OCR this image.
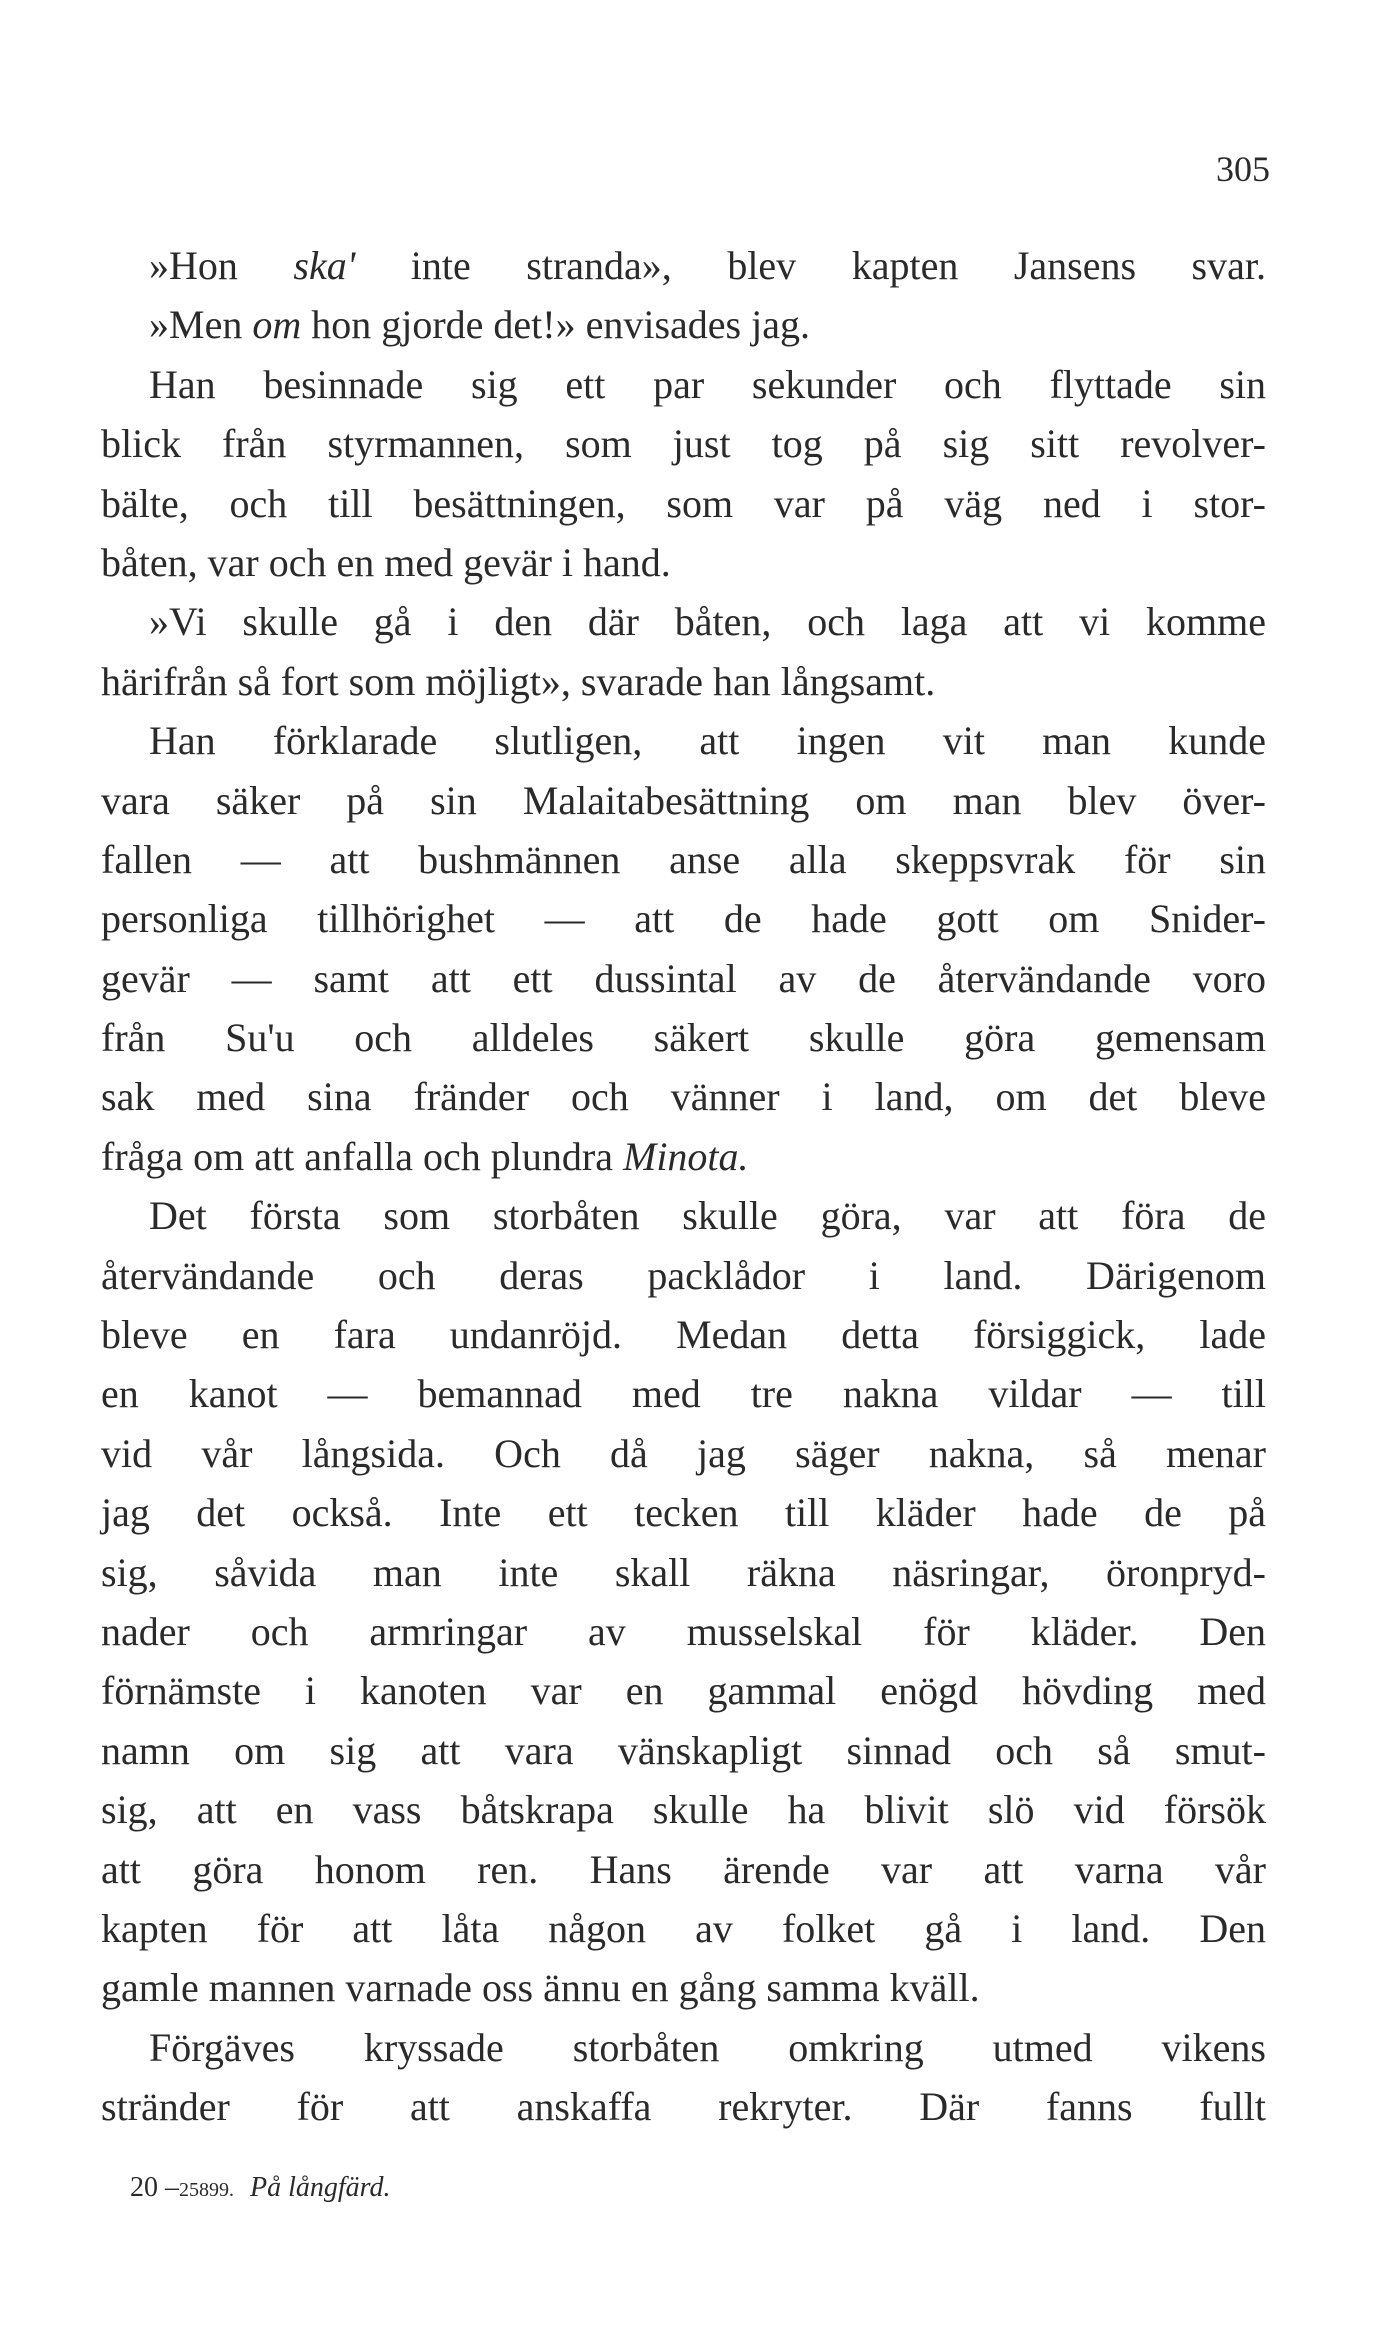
305
»Hon ska' inte stranda», blev kapten Jansens svar.
»Men om hon gjorde det!» envisades jag.
Han besinnade sig ett par sekunder och flyttade sin
blick från styrmannen, som just tog på sig sitt revolver-
bälte, och till besättningen, som var på väg ned i stor-
båten, var och en med gevär i hand.
»Vi skulle gå i den där båten, och laga att vi komme
härifrån så fort som möjligt», svarade han långsamt.
Han förklarade slutligen, att ingen vit man kunde
vara säker på sin Malaitabesättning om man blev över-
fallen — att bushmännen anse alla skeppsvrak för sin
personliga tillhörighet — att de hade gott om Snider-
gevär — samt att ett dussintal av de återvändande voro
från Su'u och alldeles säkert skulle göra gemensam
sak med sina fränder och vänner i land, om det bleve
fråga om att anfalla och plundra Minota.
Det första som storbåten skulle göra, var att föra de
återvändande och deras packlådor i land. Därigenom
bleve en fara undanröjd. Medan detta försiggick, lade
en kanot — bemannad med tre nakna vildar — till
vid vår långsida. Och då jag säger nakna, så menar
jag det också. Inte ett tecken till kläder hade de på
sig, såvida man inte skall räkna näsringar, öronpryd-
nader och armringar av musselskal för kläder. Den
förnämste i kanoten var en gammal enögd hövding med
namn om sig att vara vänskapligt sinnad och så smut-
sig, att en vass båtskrapa skulle ha blivit slö vid försök
att göra honom ren. Hans ärende var att varna vår
kapten för att låta någon av folket gå i land. Den
gamle mannen varnade oss ännu en gång samma kväll.
Förgäves kryssade storbåten omkring utmed vikens
stränder för att anskaffa rekryter. Där fanns fullt
20 –25899. På långfärd.
